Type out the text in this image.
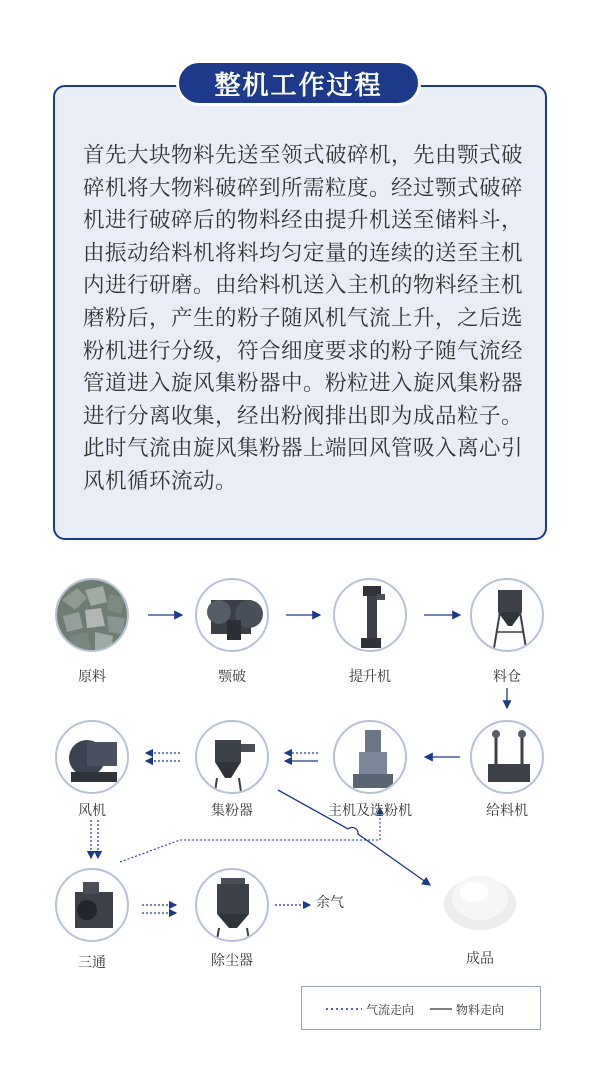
整机工作过程
首先大块物料先送至领式破碎机，先由颚式破碎机将大物料破碎到所需粒度。经过颚式破碎机进行破碎后的物料经由提升机送至储料斗，由振动给料机将料均匀定量的连续的送至主机内进行研磨。由给料机送入主机的物料经主机磨粉后，产生的粉子随风机气流上升，之后选粉机进行分级，符合细度要求的粉子随气流经管道进入旋风集粉器中。粉粒进入旋风集粉器进行分离收集，经出粉阀排出即为成品粒子。此时气流由旋风集粉器上端回风管吸入离心引风机循环流动。
原料	颚破	提升机	料仓
风机	集粉器	主机及选粉机	给料机
三通	除尘器
余气
成品
气流走向	物料走向
